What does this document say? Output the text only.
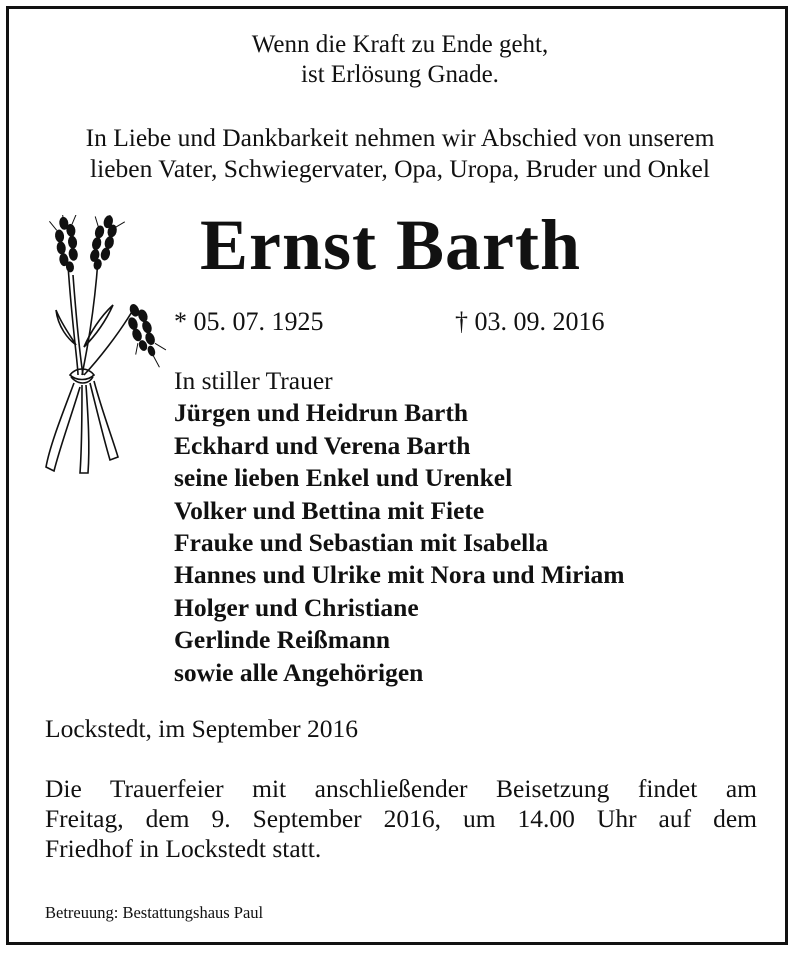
Wenn die Kraft zu Ende geht,
ist Erlösung Gnade.
In Liebe und Dankbarkeit nehmen wir Abschied von unserem
lieben Vater, Schwiegervater, Opa, Uropa, Bruder und Onkel
Ernst Barth
* 05. 07. 1925	† 03. 09. 2016
In stiller Trauer
Jürgen und Heidrun Barth
Eckhard und Verena Barth
seine lieben Enkel und Urenkel
Volker und Bettina mit Fiete
Frauke und Sebastian mit Isabella
Hannes und Ulrike mit Nora und Miriam
Holger und Christiane
Gerlinde Reißmann
sowie alle Angehörigen
Lockstedt, im September 2016
Die Trauerfeier mit anschließender Beisetzung findet am
Freitag, dem 9. September 2016, um 14.00 Uhr auf dem
Friedhof in Lockstedt statt.
Betreuung: Bestattungshaus Paul
